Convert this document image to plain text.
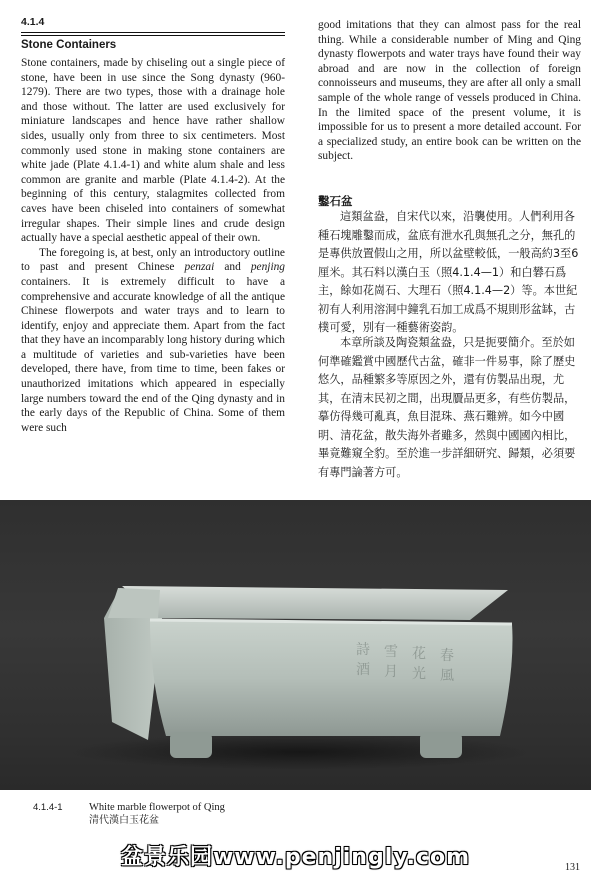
4.1.4
Stone Containers

Stone containers, made by chiseling out a single piece of stone, have been in use since the Song dynasty (960-1279). There are two types, those with a drainage hole and those without. The latter are used exclusively for miniature landscapes and hence have rather shallow sides, usually only from three to six centimeters. Most commonly used stone in making stone containers are white jade (Plate 4.1.4-1) and white alum shale and less common are granite and marble (Plate 4.1.4-2). At the beginning of this century, stalagmites collected from caves have been chiseled into containers of somewhat irregular shapes. Their simple lines and crude design actually have a special aesthetic appeal of their own.

The foregoing is, at best, only an introductory outline to past and present Chinese penzai and penjing containers. It is extremely difficult to have a comprehensive and accurate knowledge of all the antique Chinese flowerpots and water trays and to learn to identify, enjoy and appreciate them. Apart from the fact that they have an incomparably long history during which a multitude of varieties and sub-varieties have been developed, there have, from time to time, been fakes or unauthorized imitations which appeared in especially large numbers toward the end of the Qing dynasty and in the early days of the Republic of China. Some of them were such

good imitations that they can almost pass for the real thing. While a considerable number of Ming and Qing dynasty flowerpots and water trays have found their way abroad and are now in the collection of foreign connoisseurs and museums, they are after all only a small sample of the whole range of vessels produced in China. In the limited space of the present volume, it is impossible for us to present a more detailed account. For a specialized study, an entire book can be written on the subject.

鑿石盆

這類盆盎，自宋代以來，沿襲使用。人們利用各種石塊雕鑿而成，盆底有泄水孔與無孔之分，無孔的是專供放置假山之用，所以盆壁較低，一般高約3至6厘米。其石料以漢白玉（照4.1.4—1）和白礬石爲主，餘如花崗石、大理石（照4.1.4—2）等。本世紀初有人利用溶洞中鐘乳石加工成爲不規則形盆缽，古樸可愛，別有一種藝術姿韵。

本章所談及陶瓷類盆盎，只是扼要簡介。至於如何準確鑑賞中國歷代古盆，確非一件易事，除了歷史悠久，品種繁多等原因之外，還有仿製品出現，尤其，在清末民初之間，出現贗品更多，有些仿製品，摹仿得幾可亂真，魚目混珠、燕石難辨。如今中國明、清花盆，散失海外者雖多，然與中國國內相比，畢竟難窺全豹。至於進一步詳細研究、歸類，必須要有專門論著方可。

春
風
花
光
雪
月
詩
酒
4.1.4-1	White marble flowerpot of Qing
清代漢白玉花盆
盆景乐园www.penjingly.com	131
